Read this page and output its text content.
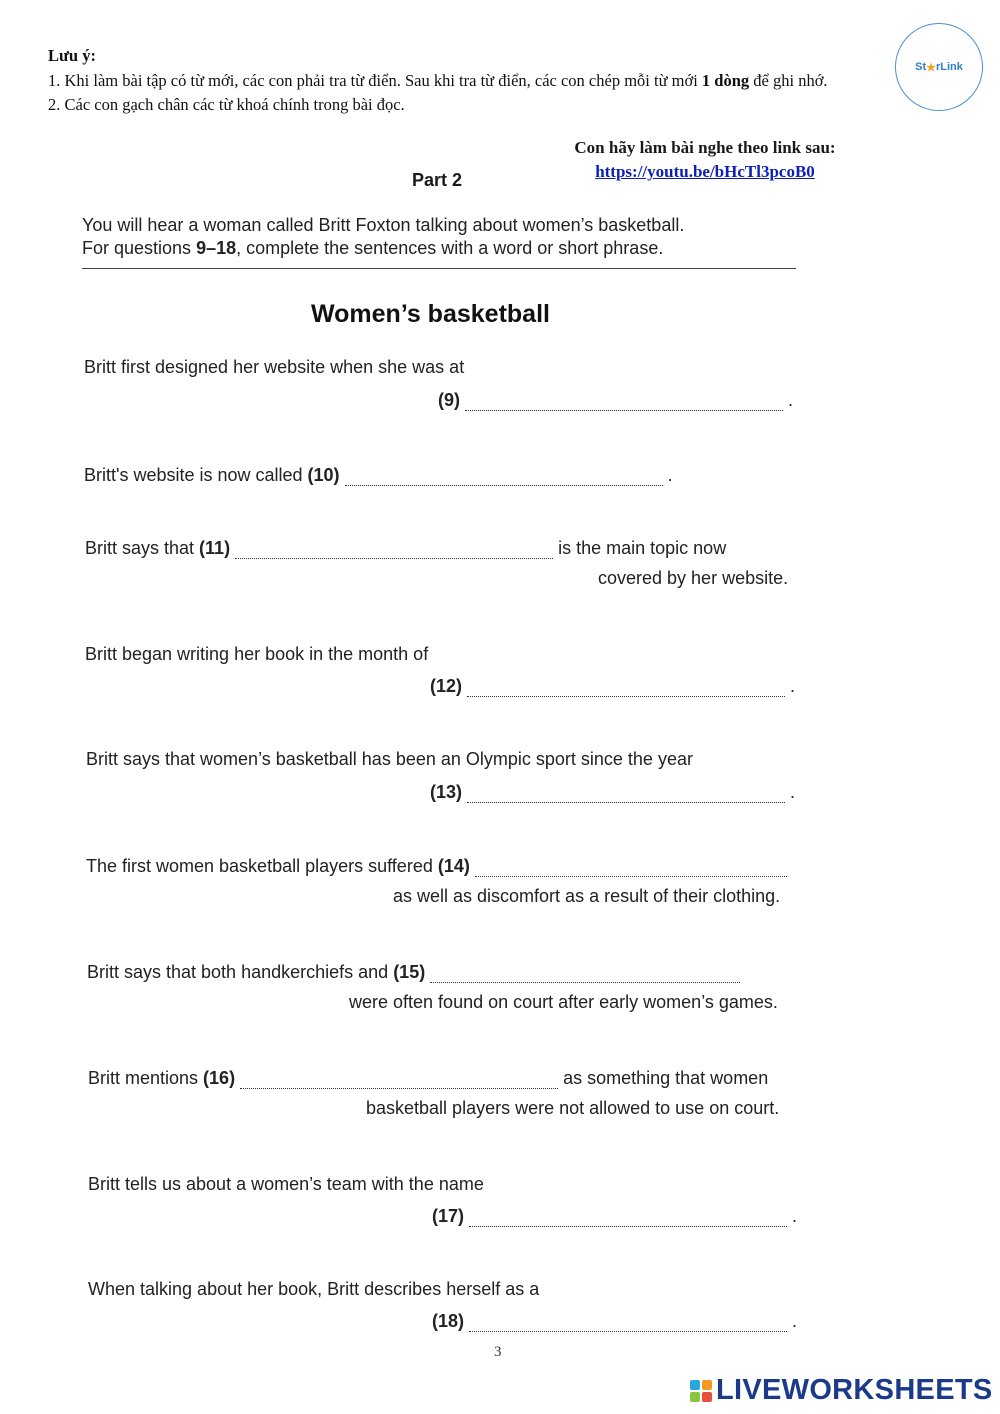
Lưu ý:

1. Khi làm bài tập có từ mới, các con phải tra từ điển. Sau khi tra từ điển, các con chép mỗi từ mới 1 dòng để ghi nhớ.

2. Các con gạch chân các từ khoá chính trong bài đọc.

St ★ rLink
Con hãy làm bài nghe theo link sau:
https://youtu.be/bHcTl3pcoB0
Part 2

You will hear a woman called Britt Foxton talking about women’s basketball.

For questions 9–18, complete the sentences with a word or short phrase.

Women’s basketball
Britt first designed her website when she was at
(9)	.
Britt's website is now called (10)	.
Britt says that (11)	is the main topic now
covered by her website.
Britt began writing her book in the month of
(12)	.
Britt says that women’s basketball has been an Olympic sport since the year
(13)	.
The first women basketball players suffered (14)
as well as discomfort as a result of their clothing.
Britt says that both handkerchiefs and (15)
were often found on court after early women’s games.
Britt mentions (16)	as something that women
basketball players were not allowed to use on court.
Britt tells us about a women’s team with the name
(17)	.
When talking about her book, Britt describes herself as a
(18)	.
3
LIVEWORKSHEETS
